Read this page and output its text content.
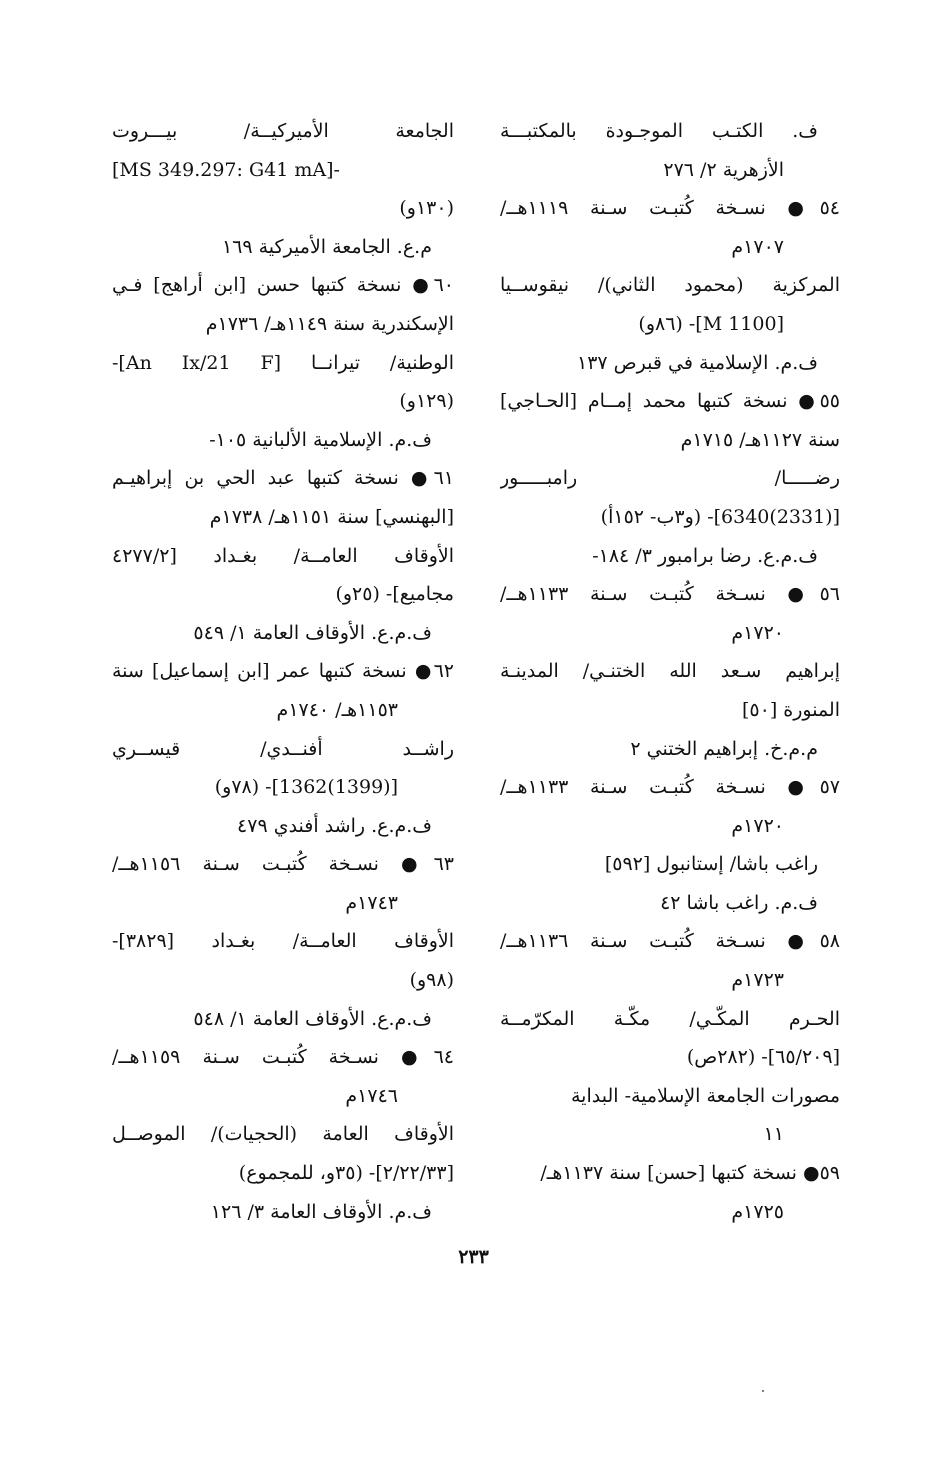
ف. الكتـب الموجـودة بالمكتبـــة
الأزهرية ٢/ ٢٧٦
٥٤● نسـخة كُتبـت سـنة ١١١٩هــ/
١٧٠٧م
المركزية (محمود الثاني)/ نيقوســيا
[M 1100]- (٨٦و)
ف.م. الإسلامية في قبرص ١٣٧
٥٥● نسخة كتبها محمد إمــام [الحـاجي]
سنة ١١٢٧هـ/ ١٧١٥م
رضـــــا/ رامبـــــور
[(2331)6340]- (و٣ب- ١٥٢أ)
ف.م.ع. رضا برامبور ٣/ ١٨٤-
٥٦● نسـخة كُتبـت سـنة ١١٣٣هــ/
١٧٢٠م
إبراهيم سـعد الله الختنـي/ المدينـة
المنورة [٥٠]
م.م.خ. إبراهيم الختني ٢
٥٧● نسـخة كُتبـت سـنة ١١٣٣هــ/
١٧٢٠م
راغب باشا/ إستانبول [٥٩٢]
ف.م. راغب باشا ٤٢
٥٨● نسـخة كُتبـت سـنة ١١٣٦هــ/
١٧٢٣م
الحـرم المكّـي/ مكّـة المكرّمــة
[٦٥/٢٠٩]- (٢٨٢ص)
مصورات الجامعة الإسلامية- البداية
١١
٥٩● نسخة كتبها [حسن] سنة ١١٣٧هـ/
١٧٢٥م
الجامعة الأميركيــة/ بيـــروت
-[MS 349.297: G41 mA]
(١٣٠و)
م.ع. الجامعة الأميركية ١٦٩
٦٠● نسخة كتبها حسن [ابن أراهج] فـي
الإسكندرية سنة ١١٤٩هـ/ ١٧٣٦م
الوطنية/ تيرانــا [An Ix/21 F]-
(١٢٩و)
ف.م. الإسلامية الألبانية ١٠٥-
٦١● نسخة كتبها عبد الحي بن إبراهيـم
[البهنسي] سنة ١١٥١هـ/ ١٧٣٨م
الأوقاف العامــة/ بغـداد [٤٢٧٧/٢
مجاميع]- (٢٥و)
ف.م.ع. الأوقاف العامة ١/ ٥٤٩
٦٢● نسخة كتبها عمر [ابن إسماعيل] سنة
١١٥٣هـ/ ١٧٤٠م
راشــد أفنــدي/ قيســري
[(1399)1362]- (٧٨و)
ف.م.ع. راشد أفندي ٤٧٩
٦٣● نسـخة كُتبـت سـنة ١١٥٦هــ/
١٧٤٣م
الأوقاف العامــة/ بغـداد [٣٨٢٩]-
(٩٨و)
ف.م.ع. الأوقاف العامة ١/ ٥٤٨
٦٤● نسـخة كُتبـت سـنة ١١٥٩هــ/
١٧٤٦م
الأوقاف العامة (الحجيات)/ الموصــل
[٢/٢٢/٣٣]- (٣٥و، للمجموع)
ف.م. الأوقاف العامة ٣/ ١٢٦
٢٣٣
